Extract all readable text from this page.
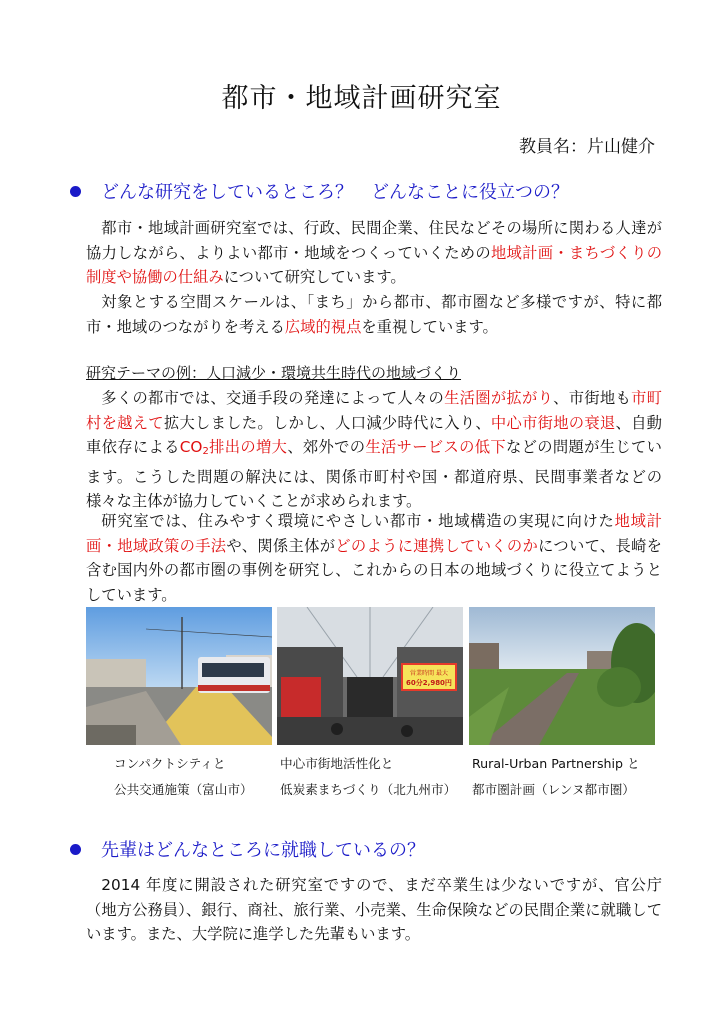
都市・地域計画研究室
教員名：片山健介
どんな研究をしているところ？　どんなことに役立つの？

都市・地域計画研究室では、行政、民間企業、住民などその場所に関わる人達が協力しながら、よりよい都市・地域をつくっていくための地域計画・まちづくりの制度や協働の仕組みについて研究しています。

対象とする空間スケールは、「まち」から都市、都市圏など多様ですが、特に都市・地域のつながりを考える広域的視点を重視しています。

研究テーマの例：人口減少・環境共生時代の地域づくり

多くの都市では、交通手段の発達によって人々の生活圏が拡がり、市街地も市町村を越えて拡大しました。しかし、人口減少時代に入り、中心市街地の衰退、自動車依存による$CO_2$排出の増大、郊外での生活サービスの低下などの問題が生じています。こうした問題の解決には、関係市町村や国・都道府県、民間事業者などの様々な主体が協力していくことが求められます。

研究室では、住みやすく環境にやさしい都市・地域構造の実現に向けた地域計画・地域政策の手法や、関係主体がどのように連携していくのかについて、長崎を含む国内外の都市圏の事例を研究し、これからの日本の地域づくりに役立てようとしています。

営業時間 最大
60分2,980円
コンパクトシティと
公共交通施策（富山市）
中心市街地活性化と
低炭素まちづくり（北九州市）
Rural-Urban Partnership と
都市圏計画（レンヌ都市圏）
先輩はどんなところに就職しているの？

2014 年度に開設された研究室ですので、まだ卒業生は少ないですが、官公庁（地方公務員）、銀行、商社、旅行業、小売業、生命保険などの民間企業に就職しています。また、大学院に進学した先輩もいます。
